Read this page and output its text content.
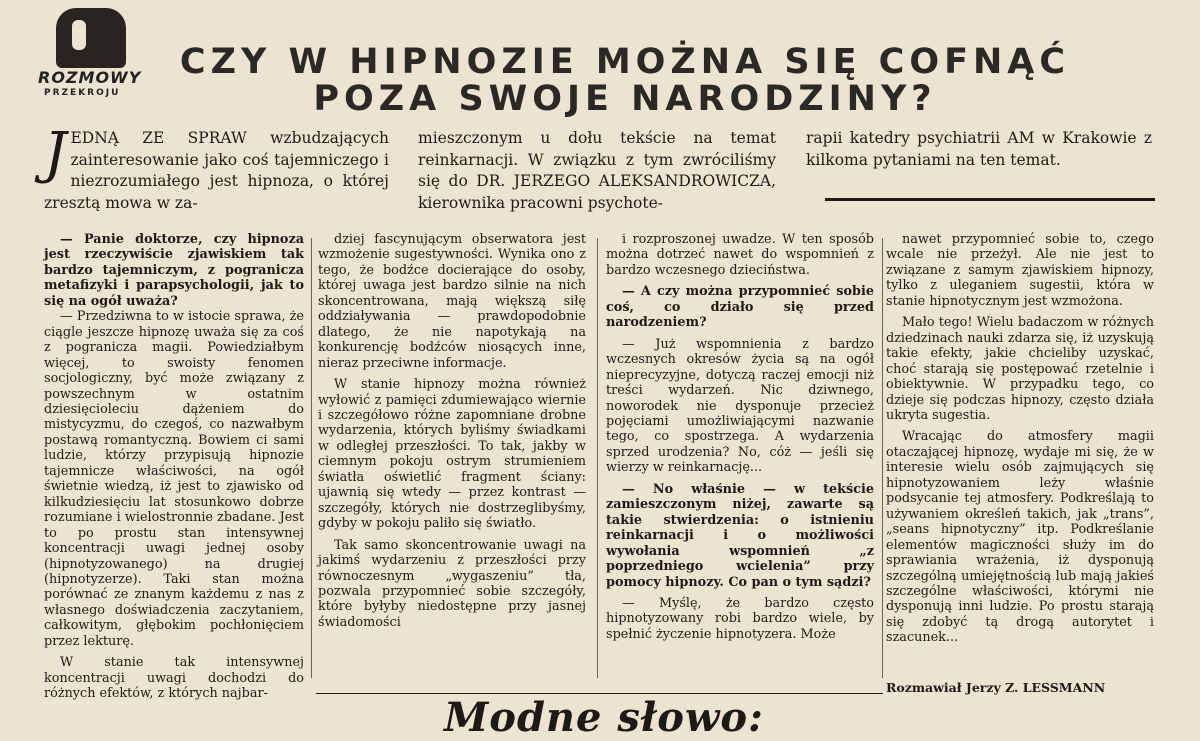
ROZMOWY
PRZEKROJU
CZY W HIPNOZIE MOŻNA SIĘ COFNĄĆ
POZA SWOJE NARODZINY?
J EDNĄ ZE SPRAW wzbudzających zainteresowanie jako coś tajemniczego i niezrozumiałego jest hipnoza, o której zresztą mowa w za-
mieszczonym u dołu tekście na temat reinkarnacji. W związku z tym zwróciliśmy się do DR. JERZEGO ALEKSANDROWICZA, kierownika pracowni psychote-
rapii katedry psychiatrii AM w Krakowie z kilkoma pytaniami na ten temat.

— Panie doktorze, czy hipnoza jest rzeczywiście zjawiskiem tak bardzo tajemniczym, z pogranicza metafizyki i parapsychologii, jak to się na ogół uważa?

— Przedziwna to w istocie sprawa, że ciągle jeszcze hipnozę uważa się za coś z pogranicza magii. Powiedziałbym więcej, to swoisty fenomen socjologiczny, być może związany z powszechnym w ostatnim dziesięcioleciu dążeniem do mistycyzmu, do czegoś, co nazwałbym postawą romantyczną. Bowiem ci sami ludzie, którzy przypisują hipnozie tajemnicze właściwości, na ogół świetnie wiedzą, iż jest to zjawisko od kilkudziesięciu lat stosunkowo dobrze rozumiane i wielostronnie zbadane. Jest to po prostu stan intensywnej koncentracji uwagi jednej osoby (hipnotyzowanego) na drugiej (hipnotyzerze). Taki stan można porównać ze znanym każdemu z nas z własnego doświadczenia zaczytaniem, całkowitym, głębokim pochłonięciem przez lekturę.

W stanie tak intensywnej koncentracji uwagi dochodzi do różnych efektów, z których najbar-

dziej fascynującym obserwatora jest wzmożenie sugestywności. Wynika ono z tego, że bodźce docierające do osoby, której uwaga jest bardzo silnie na nich skoncentrowana, mają większą siłę oddziaływania — prawdopodobnie dlatego, że nie napotykają na konkurencję bodźców niosących inne, nieraz przeciwne informacje.

W stanie hipnozy można również wyłowić z pamięci zdumiewająco wiernie i szczegółowo różne zapomniane drobne wydarzenia, których byliśmy świadkami w odległej przeszłości. To tak, jakby w ciemnym pokoju ostrym strumieniem światła oświetlić fragment ściany: ujawnią się wtedy — przez kontrast — szczegóły, których nie dostrzeglibyśmy, gdyby w pokoju paliło się światło.

Tak samo skoncentrowanie uwagi na jakimś wydarzeniu z przeszłości przy równoczesnym „wygaszeniu” tła, pozwala przypomnieć sobie szczegóły, które byłyby niedostępne przy jasnej świadomości

i rozproszonej uwadze. W ten sposób można dotrzeć nawet do wspomnień z bardzo wczesnego dzieciństwa.

— A czy można przypomnieć sobie coś, co działo się przed narodzeniem?

— Już wspomnienia z bardzo wczesnych okresów życia są na ogół nieprecyzyjne, dotyczą raczej emocji niż treści wydarzeń. Nic dziwnego, noworodek nie dysponuje przecież pojęciami umożliwiającymi nazwanie tego, co spostrzega. A wydarzenia sprzed urodzenia? No, cóż — jeśli się wierzy w reinkarnację...

— No właśnie — w tekście zamieszczonym niżej, zawarte są takie stwierdzenia: o istnieniu reinkarnacji i o możliwości wywołania wspomnień „z poprzedniego wcielenia” przy pomocy hipnozy. Co pan o tym sądzi?

— Myślę, że bardzo często hipnotyzowany robi bardzo wiele, by spełnić życzenie hipnotyzera. Może

nawet przypomnieć sobie to, czego wcale nie przeżył. Ale nie jest to związane z samym zjawiskiem hipnozy, tylko z uleganiem sugestii, która w stanie hipnotycznym jest wzmożona.

Mało tego! Wielu badaczom w różnych dziedzinach nauki zdarza się, iż uzyskują takie efekty, jakie chcieliby uzyskać, choć starają się postępować rzetelnie i obiektywnie. W przypadku tego, co dzieje się podczas hipnozy, często działa ukryta sugestia.

Wracając do atmosfery magii otaczającej hipnozę, wydaje mi się, że w interesie wielu osób zajmujących się hipnotyzowaniem leży właśnie podsycanie tej atmosfery. Podkreślają to używaniem określeń takich, jak „trans”, „seans hipnotyczny” itp. Podkreślanie elementów magiczności służy im do sprawiania wrażenia, iż dysponują szczególną umiejętnością lub mają jakieś szczególne właściwości, którymi nie dysponują inni ludzie. Po prostu starają się zdobyć tą drogą autorytet i szacunek...

Rozmawiał Jerzy Z. LESSMANN
Modne słowo:
